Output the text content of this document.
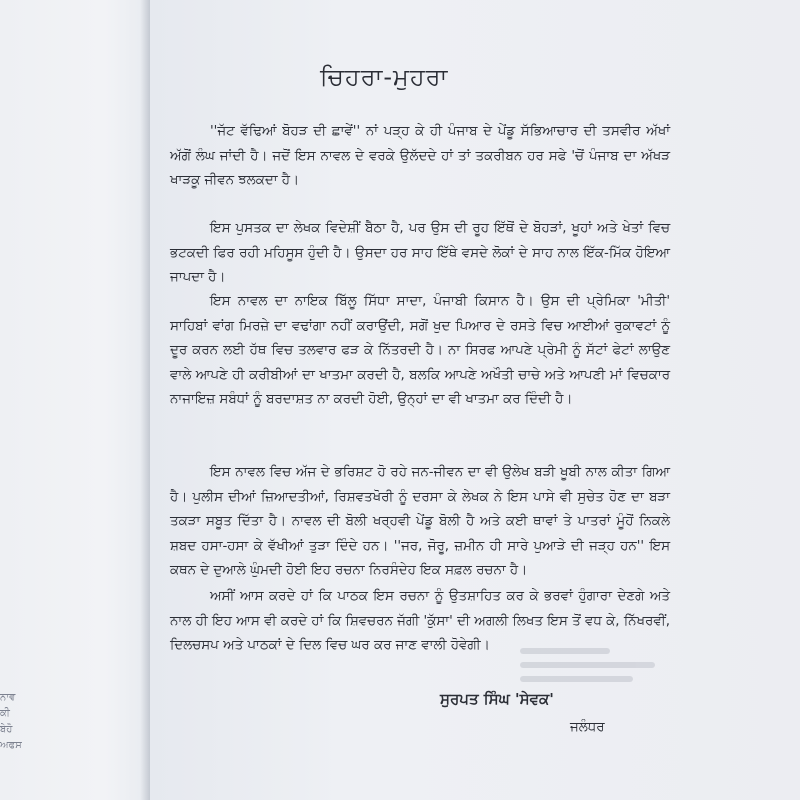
ਨਾਵ
ਕੀ
ਬੇਹੋ
ਅਫਸ
ਚਿਹਰਾ-ਮੁਹਰਾ

''ਜੱਟ ਵੱਢਿਆਂ ਬੋਹੜ ਦੀ ਛਾਵੇਂ'' ਨਾਂ ਪੜ੍ਹ ਕੇ ਹੀ ਪੰਜਾਬ ਦੇ ਪੇਂਡੂ ਸੱਭਿਆਚਾਰ ਦੀ ਤਸਵੀਰ ਅੱਖਾਂ ਅੱਗੋਂ ਲੰਘ ਜਾਂਦੀ ਹੈ। ਜਦੋਂ ਇਸ ਨਾਵਲ ਦੇ ਵਰਕੇ ਉਲੱਦਦੇ ਹਾਂ ਤਾਂ ਤਕਰੀਬਨ ਹਰ ਸਫੇ 'ਚੋਂ ਪੰਜਾਬ ਦਾ ਅੱਖੜ ਖਾੜਕੂ ਜੀਵਨ ਝਲਕਦਾ ਹੈ।

ਇਸ ਪੁਸਤਕ ਦਾ ਲੇਖਕ ਵਿਦੇਸ਼ੀਂ ਬੈਠਾ ਹੈ, ਪਰ ਉਸ ਦੀ ਰੂਹ ਇੱਥੋਂ ਦੇ ਬੋਹੜਾਂ, ਖੂਹਾਂ ਅਤੇ ਖੇਤਾਂ ਵਿਚ ਭਟਕਦੀ ਫਿਰ ਰਹੀ ਮਹਿਸੂਸ ਹੁੰਦੀ ਹੈ। ਉਸਦਾ ਹਰ ਸਾਹ ਇੱਥੇ ਵਸਦੇ ਲੋਕਾਂ ਦੇ ਸਾਹ ਨਾਲ ਇੱਕ-ਮਿੱਕ ਹੋਇਆ ਜਾਪਦਾ ਹੈ।

ਇਸ ਨਾਵਲ ਦਾ ਨਾਇਕ ਬਿੱਲੂ ਸਿੱਧਾ ਸਾਦਾ, ਪੰਜਾਬੀ ਕਿਸਾਨ ਹੈ। ਉਸ ਦੀ ਪ੍ਰੇਮਿਕਾ 'ਮੀਤੀ' ਸਾਹਿਬਾਂ ਵਾਂਗ ਮਿਰਜ਼ੇ ਦਾ ਵਢਾਂਗਾ ਨਹੀਂ ਕਰਾਉਂਦੀ, ਸਗੋਂ ਖੁਦ ਪਿਆਰ ਦੇ ਰਸਤੇ ਵਿਚ ਆਈਆਂ ਰੁਕਾਵਟਾਂ ਨੂੰ ਦੂਰ ਕਰਨ ਲਈ ਹੱਥ ਵਿਚ ਤਲਵਾਰ ਫੜ ਕੇ ਨਿੱਤਰਦੀ ਹੈ। ਨਾ ਸਿਰਫ ਆਪਣੇ ਪ੍ਰੇਮੀ ਨੂੰ ਸੱਟਾਂ ਫੇਟਾਂ ਲਾਉਣ ਵਾਲੇ ਆਪਣੇ ਹੀ ਕਰੀਬੀਆਂ ਦਾ ਖਾਤਮਾ ਕਰਦੀ ਹੈ, ਬਲਕਿ ਆਪਣੇ ਅਖੌਤੀ ਚਾਚੇ ਅਤੇ ਆਪਣੀ ਮਾਂ ਵਿਚਕਾਰ ਨਾਜਾਇਜ਼ ਸਬੰਧਾਂ ਨੂੰ ਬਰਦਾਸ਼ਤ ਨਾ ਕਰਦੀ ਹੋਈ, ਉਨ੍ਹਾਂ ਦਾ ਵੀ ਖਾਤਮਾ ਕਰ ਦਿੰਦੀ ਹੈ।

ਇਸ ਨਾਵਲ ਵਿਚ ਅੱਜ ਦੇ ਭਰਿਸ਼ਟ ਹੋ ਰਹੇ ਜਨ-ਜੀਵਨ ਦਾ ਵੀ ਉਲੇਖ ਬੜੀ ਖੂਬੀ ਨਾਲ ਕੀਤਾ ਗਿਆ ਹੈ। ਪੁਲੀਸ ਦੀਆਂ ਜ਼ਿਆਦਤੀਆਂ, ਰਿਸ਼ਵਤਖੋਰੀ ਨੂੰ ਦਰਸਾ ਕੇ ਲੇਖਕ ਨੇ ਇਸ ਪਾਸੇ ਵੀ ਸੁਚੇਤ ਹੋਣ ਦਾ ਬੜਾ ਤਕੜਾ ਸਬੂਤ ਦਿੱਤਾ ਹੈ। ਨਾਵਲ ਦੀ ਬੋਲੀ ਖਰ੍ਹਵੀ ਪੇਂਡੂ ਬੋਲੀ ਹੈ ਅਤੇ ਕਈ ਥਾਵਾਂ ਤੇ ਪਾਤਰਾਂ ਮੂੰਹੋਂ ਨਿਕਲੇ ਸ਼ਬਦ ਹਸਾ-ਹਸਾ ਕੇ ਵੱਖੀਆਂ ਤੁੜਾ ਦਿੰਦੇ ਹਨ। ''ਜਰ, ਜੋਰੂ, ਜ਼ਮੀਨ ਹੀ ਸਾਰੇ ਪੁਆੜੇ ਦੀ ਜੜ੍ਹ ਹਨ'' ਇਸ ਕਥਨ ਦੇ ਦੁਆਲੇ ਘੁੰਮਦੀ ਹੋਈ ਇਹ ਰਚਨਾ ਨਿਰਸੰਦੇਹ ਇਕ ਸਫ਼ਲ ਰਚਨਾ ਹੈ।

ਅਸੀਂ ਆਸ ਕਰਦੇ ਹਾਂ ਕਿ ਪਾਠਕ ਇਸ ਰਚਨਾ ਨੂੰ ਉਤਸ਼ਾਹਿਤ ਕਰ ਕੇ ਭਰਵਾਂ ਹੁੰਗਾਰਾ ਦੇਣਗੇ ਅਤੇ ਨਾਲ ਹੀ ਇਹ ਆਸ ਵੀ ਕਰਦੇ ਹਾਂ ਕਿ ਸ਼ਿਵਚਰਨ ਜੱਗੀ 'ਕੁੱਸਾ' ਦੀ ਅਗਲੀ ਲਿਖਤ ਇਸ ਤੋਂ ਵਧ ਕੇ, ਨਿੱਖਰਵੀਂ, ਦਿਲਚਸਪ ਅਤੇ ਪਾਠਕਾਂ ਦੇ ਦਿਲ ਵਿਚ ਘਰ ਕਰ ਜਾਣ ਵਾਲੀ ਹੋਵੇਗੀ।

ਸੁਰਪਤ ਸਿੰਘ 'ਸੇਵਕ'
ਜਲੰਧਰ
